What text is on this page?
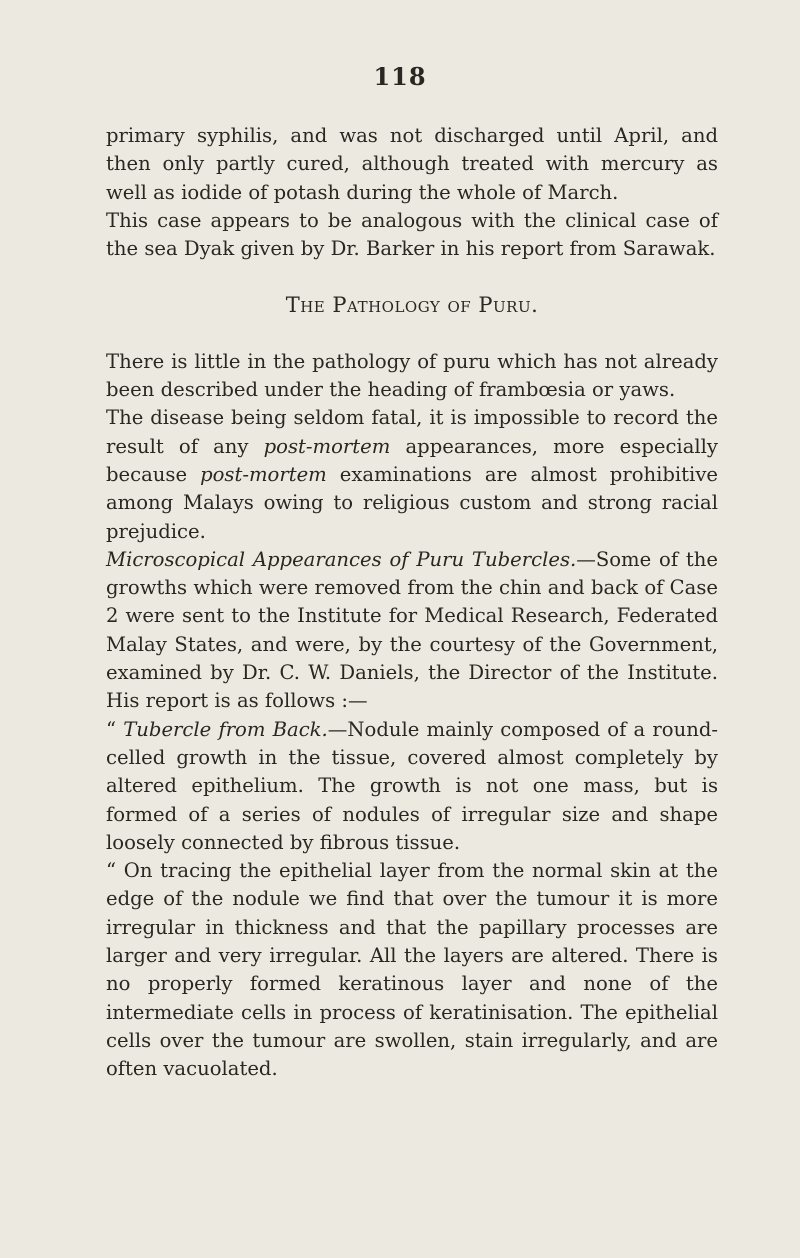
118

primary syphilis, and was not discharged until April, and then only partly cured, although treated with mercury as well as iodide of potash during the whole of March.

This case appears to be analogous with the clinical case of the sea Dyak given by Dr. Barker in his report from Sarawak.

The Pathology of Puru.

There is little in the pathology of puru which has not already been described under the heading of frambœsia or yaws.

The disease being seldom fatal, it is impossible to record the result of any post-mortem appearances, more especially because post-mortem examinations are almost prohibitive among Malays owing to religious custom and strong racial prejudice.

Microscopical Appearances of Puru Tubercles.—Some of the growths which were removed from the chin and back of Case 2 were sent to the Institute for Medical Research, Federated Malay States, and were, by the courtesy of the Government, examined by Dr. C. W. Daniels, the Director of the Institute. His report is as follows :—

“ Tubercle from Back.—Nodule mainly composed of a round-celled growth in the tissue, covered almost completely by altered epithelium. The growth is not one mass, but is formed of a series of nodules of irregular size and shape loosely connected by fibrous tissue.

“ On tracing the epithelial layer from the normal skin at the edge of the nodule we find that over the tumour it is more irregular in thickness and that the papillary processes are larger and very irregular. All the layers are altered. There is no properly formed keratinous layer and none of the intermediate cells in process of keratinisation. The epithelial cells over the tumour are swollen, stain irregularly, and are often vacuolated.
